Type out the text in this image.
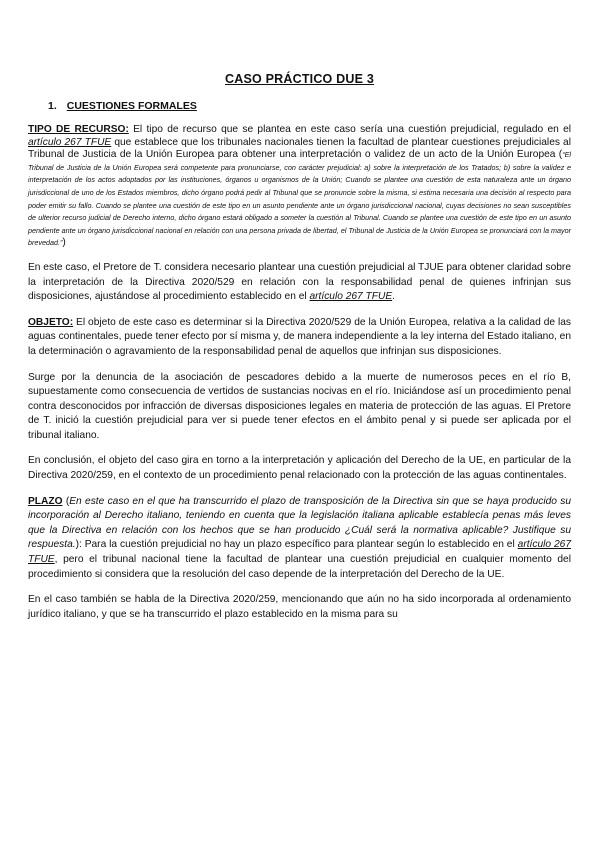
CASO PRÁCTICO DUE 3
1. CUESTIONES FORMALES

TIPO DE RECURSO: El tipo de recurso que se plantea en este caso sería una cuestión prejudicial, regulado en el artículo 267 TFUE que establece que los tribunales nacionales tienen la facultad de plantear cuestiones prejudiciales al Tribunal de Justicia de la Unión Europea para obtener una interpretación o validez de un acto de la Unión Europea (“El Tribunal de Justicia de la Unión Europea será competente para pronunciarse, con carácter prejudicial: a) sobre la interpretación de los Tratados; b) sobre la validez e interpretación de los actos adoptados por las instituciones, órganos u organismos de la Unión; Cuando se plantee una cuestión de esta naturaleza ante un órgano jurisdiccional de uno de los Estados miembros, dicho órgano podrá pedir al Tribunal que se pronuncie sobre la misma, si estima necesaria una decisión al respecto para poder emitir su fallo. Cuando se plantee una cuestión de este tipo en un asunto pendiente ante un órgano jurisdiccional nacional, cuyas decisiones no sean susceptibles de ulterior recurso judicial de Derecho interno, dicho órgano estará obligado a someter la cuestión al Tribunal. Cuando se plantee una cuestión de este tipo en un asunto pendiente ante un órgano jurisdiccional nacional en relación con una persona privada de libertad, el Tribunal de Justicia de la Unión Europea se pronunciará con la mayor brevedad.”)

En este caso, el Pretore de T. considera necesario plantear una cuestión prejudicial al TJUE para obtener claridad sobre la interpretación de la Directiva 2020/529 en relación con la responsabilidad penal de quienes infrinjan sus disposiciones, ajustándose al procedimiento establecido en el artículo 267 TFUE.

OBJETO: El objeto de este caso es determinar si la Directiva 2020/529 de la Unión Europea, relativa a la calidad de las aguas continentales, puede tener efecto por sí misma y, de manera independiente a la ley interna del Estado italiano, en la determinación o agravamiento de la responsabilidad penal de aquellos que infrinjan sus disposiciones.

Surge por la denuncia de la asociación de pescadores debido a la muerte de numerosos peces en el río B, supuestamente como consecuencia de vertidos de sustancias nocivas en el río. Iniciándose así un procedimiento penal contra desconocidos por infracción de diversas disposiciones legales en materia de protección de las aguas. El Pretore de T. inició la cuestión prejudicial para ver si puede tener efectos en el ámbito penal y si puede ser aplicada por el tribunal italiano.

En conclusión, el objeto del caso gira en torno a la interpretación y aplicación del Derecho de la UE, en particular de la Directiva 2020/259, en el contexto de un procedimiento penal relacionado con la protección de las aguas continentales.

PLAZO (En este caso en el que ha transcurrido el plazo de transposición de la Directiva sin que se haya producido su incorporación al Derecho italiano, teniendo en cuenta que la legislación italiana aplicable establecía penas más leves que la Directiva en relación con los hechos que se han producido ¿Cuál será la normativa aplicable? Justifique su respuesta.): Para la cuestión prejudicial no hay un plazo específico para plantear según lo establecido en el artículo 267 TFUE, pero el tribunal nacional tiene la facultad de plantear una cuestión prejudicial en cualquier momento del procedimiento si considera que la resolución del caso depende de la interpretación del Derecho de la UE.

En el caso también se habla de la Directiva 2020/259, mencionando que aún no ha sido incorporada al ordenamiento jurídico italiano, y que se ha transcurrido el plazo establecido en la misma para su
